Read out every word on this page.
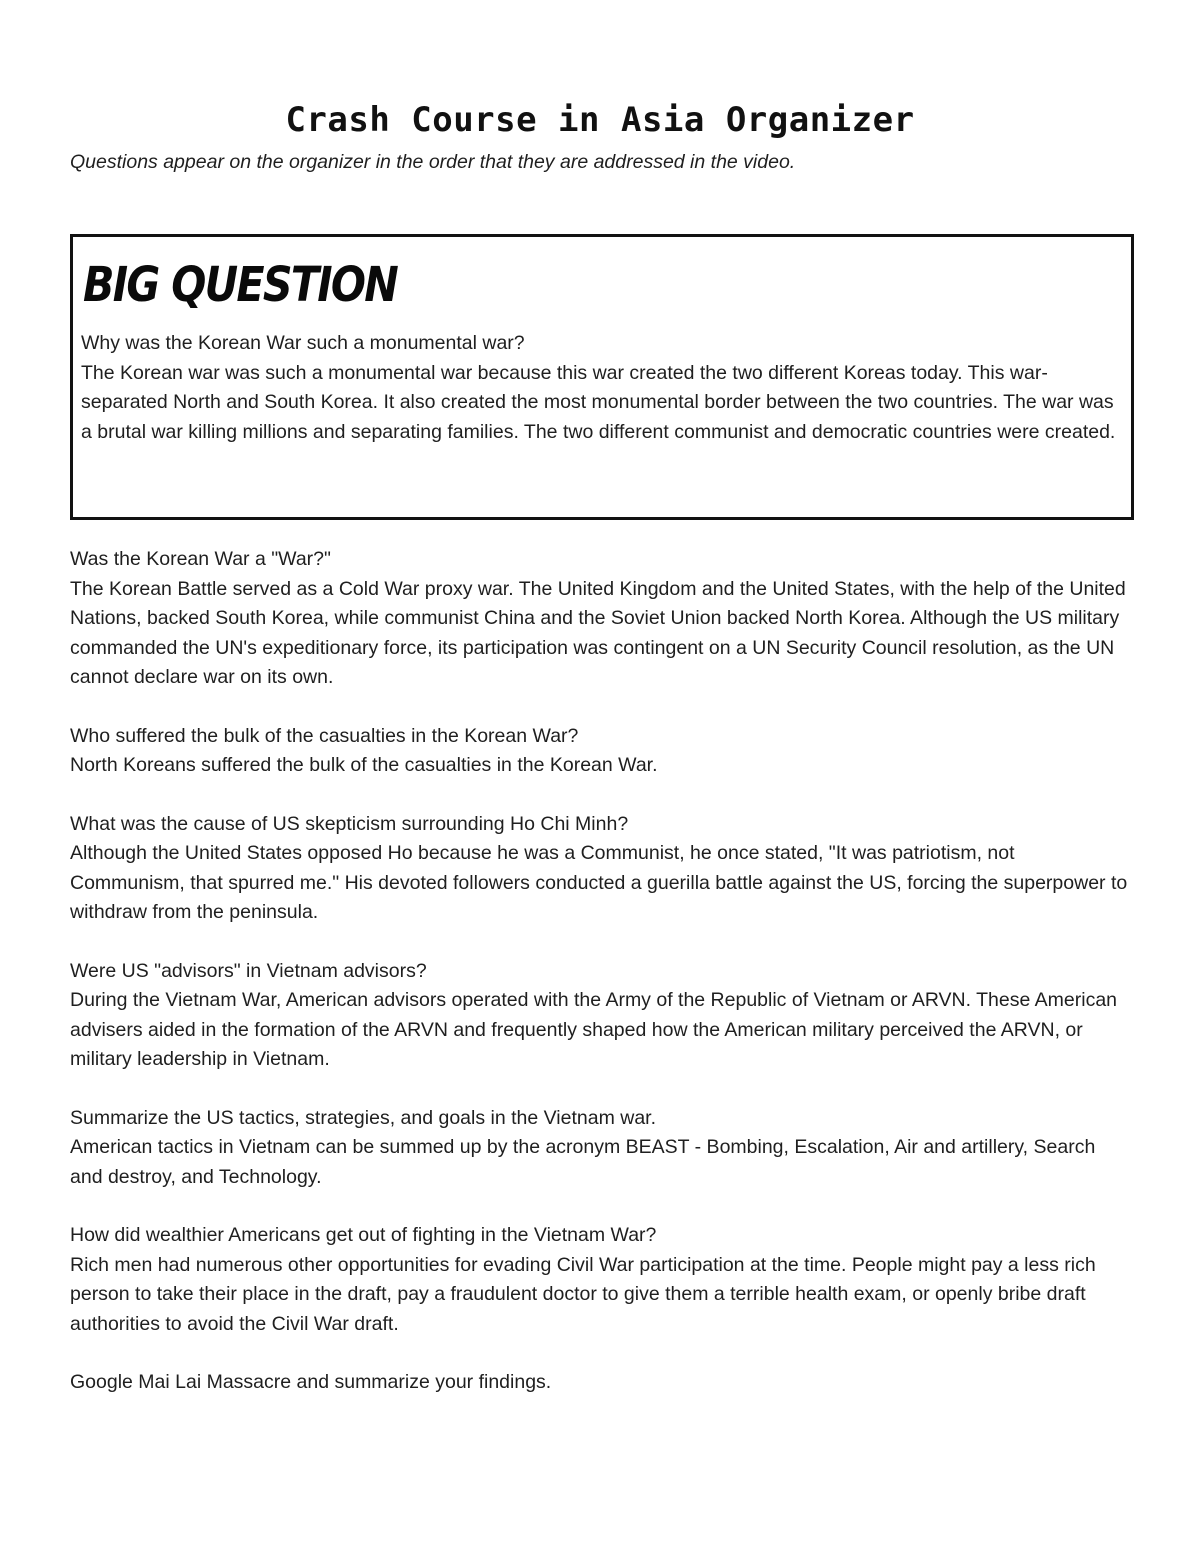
Crash Course in Asia Organizer
Questions appear on the organizer in the order that they are addressed in the video.
BIG QUESTION
Why was the Korean War such a monumental war?
The Korean war was such a monumental war because this war created the two different Koreas today. This war-separated North and South Korea. It also created the most monumental border between the two countries. The war was a brutal war killing millions and separating families. The two different communist and democratic countries were created.
Was the Korean War a "War?"
The Korean Battle served as a Cold War proxy war. The United Kingdom and the United States, with the help of the United Nations, backed South Korea, while communist China and the Soviet Union backed North Korea. Although the US military commanded the UN's expeditionary force, its participation was contingent on a UN Security Council resolution, as the UN cannot declare war on its own.
Who suffered the bulk of the casualties in the Korean War?
North Koreans suffered the bulk of the casualties in the Korean War.
What was the cause of US skepticism surrounding Ho Chi Minh?
Although the United States opposed Ho because he was a Communist, he once stated, "It was patriotism, not Communism, that spurred me." His devoted followers conducted a guerilla battle against the US, forcing the superpower to withdraw from the peninsula.
Were US "advisors" in Vietnam advisors?
During the Vietnam War, American advisors operated with the Army of the Republic of Vietnam or ARVN. These American advisers aided in the formation of the ARVN and frequently shaped how the American military perceived the ARVN, or military leadership in Vietnam.
Summarize the US tactics, strategies, and goals in the Vietnam war.
American tactics in Vietnam can be summed up by the acronym BEAST - Bombing, Escalation, Air and artillery, Search and destroy, and Technology.
How did wealthier Americans get out of fighting in the Vietnam War?
Rich men had numerous other opportunities for evading Civil War participation at the time. People might pay a less rich person to take their place in the draft, pay a fraudulent doctor to give them a terrible health exam, or openly bribe draft authorities to avoid the Civil War draft.
Google Mai Lai Massacre and summarize your findings.
